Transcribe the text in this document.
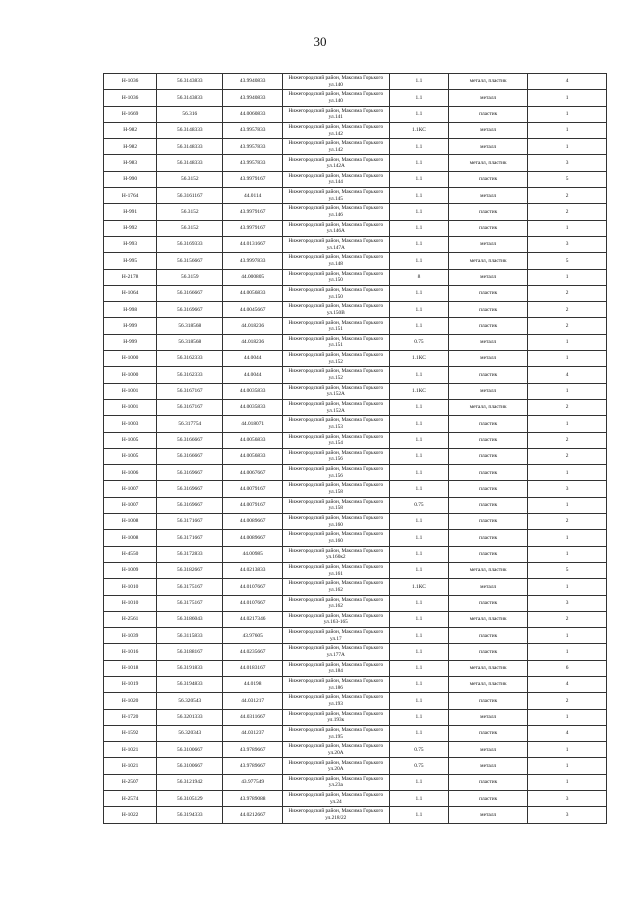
30
Н-1036	56.3143833	43.9940833	Нижегородский район, Максима Горького ул.140	1.1	металл, пластик	4
Н-1036	56.3143833	43.9940833	Нижегородский район, Максима Горького ул.140	1.1	металл	1
Н-1669	56.316	44.0060833	Нижегородский район, Максима Горького ул.141	1.1	пластик	1
Н-982	56.3148333	43.9957833	Нижегородский район, Максима Горького ул.142	1.1КС	металл	1
Н-982	56.3148333	43.9957833	Нижегородский район, Максима Горького ул.142	1.1	металл	1
Н-983	56.3148333	43.9957833	Нижегородский район, Максима Горького ул.142А	1.1	металл, пластик	3
Н-990	56.3152	43.9979167	Нижегородский район, Максима Горького ул.144	1.1	пластик	5
Н-1764	56.3161167	44.0114	Нижегородский район, Максима Горького ул.145	1.1	металл	2
Н-991	56.3152	43.9979167	Нижегородский район, Максима Горького ул.146	1.1	пластик	2
Н-992	56.3152	43.9979167	Нижегородский район, Максима Горького ул.146А	1.1	пластик	1
Н-993	56.3169333	44.0131667	Нижегородский район, Максима Горького ул.147А	1.1	металл	3
Н-995	56.3156667	43.9997833	Нижегородский район, Максима Горького ул.148	1.1	металл, пластик	5
Н-2178	56.3159	44.000805	Нижегородский район, Максима Горького ул.150	8	металл	1
Н-1064	56.3166667	44.0056833	Нижегородский район, Максима Горького ул.150	1.1	пластик	2
Н-998	56.3169667	44.0045667	Нижегородский район, Максима Горького ул.150В	1.1	пластик	2
Н-999	56.318568	44.018236	Нижегородский район, Максима Горького ул.151	1.1	пластик	2
Н-999	56.318568	44.018236	Нижегородский район, Максима Горького ул.151	0.75	металл	1
Н-1000	56.3162333	44.0044	Нижегородский район, Максима Горького ул.152	1.1КС	металл	1
Н-1000	56.3162333	44.0044	Нижегородский район, Максима Горького ул.152	1.1	пластик	4
Н-1001	56.3167167	44.0035833	Нижегородский район, Максима Горького ул.152А	1.1КС	металл	1
Н-1001	56.3167167	44.0035833	Нижегородский район, Максима Горького ул.152А	1.1	металл, пластик	2
Н-1003	56.317754	44.018071	Нижегородский район, Максима Горького ул.153	1.1	пластик	1
Н-1005	56.3166667	44.0056833	Нижегородский район, Максима Горького ул.154	1.1	пластик	2
Н-1005	56.3166667	44.0056833	Нижегородский район, Максима Горького ул.156	1.1	пластик	2
Н-1006	56.3169667	44.0067667	Нижегородский район, Максима Горького ул.156	1.1	пластик	1
Н-1007	56.3169667	44.0079167	Нижегородский район, Максима Горького ул.158	1.1	пластик	3
Н-1007	56.3169667	44.0079167	Нижегородский район, Максима Горького ул.158	0.75	пластик	1
Н-1008	56.3171667	44.0089667	Нижегородский район, Максима Горького ул.160	1.1	пластик	2
Н-1008	56.3171667	44.0089667	Нижегородский район, Максима Горького ул.160	1.1	пластик	1
Н-4550	56.3172833	44.00985	Нижегородский район, Максима Горького ул.160к2	1.1	пластик	1
Н-1009	56.3182667	44.0213833	Нижегородский район, Максима Горького ул.161	1.1	металл, пластик	5
Н-1010	56.3175167	44.0107667	Нижегородский район, Максима Горького ул.162	1.1КС	металл	1
Н-1010	56.3175167	44.0107667	Нижегородский район, Максима Горького ул.162	1.1	пластик	3
Н-2561	56.3186043	44.0217346	Нижегородский район, Максима Горького ул.163-165	1.1	металл, пластик	2
Н-1039	56.3115833	43.97605	Нижегородский район, Максима Горького ул.17	1.1	пластик	1
Н-1016	56.3188167	44.0235667	Нижегородский район, Максима Горького ул.177А	1.1	пластик	1
Н-1018	56.3191833	44.0183167	Нижегородский район, Максима Горького ул.184	1.1	металл, пластик	6
Н-1019	56.3194833	44.0198	Нижегородский район, Максима Горького ул.186	1.1	металл, пластик	4
Н-1020	56.320543	44.031217	Нижегородский район, Максима Горького ул.193	1.1	пластик	2
Н-1720	56.3201333	44.0311667	Нижегородский район, Максима Горького ул.193к	1.1	металл	1
Н-1592	56.320343	44.031237	Нижегородский район, Максима Горького ул.195	1.1	пластик	4
Н-1021	56.3100667	43.9789667	Нижегородский район, Максима Горького ул.20А	0.75	металл	1
Н-1021	56.3100667	43.9789667	Нижегородский район, Максима Горького ул.20А	0.75	металл	1
Н-2507	56.3121942	43.977549	Нижегородский район, Максима Горького ул.23а	1.1	пластик	1
Н-2574	56.3105129	43.9789088	Нижегородский район, Максима Горького ул.24	1.1	пластик	3
Н-1022	56.3194333	44.0212667	Нижегородский район, Максима Горького ул.218/22	1.1	металл	3
